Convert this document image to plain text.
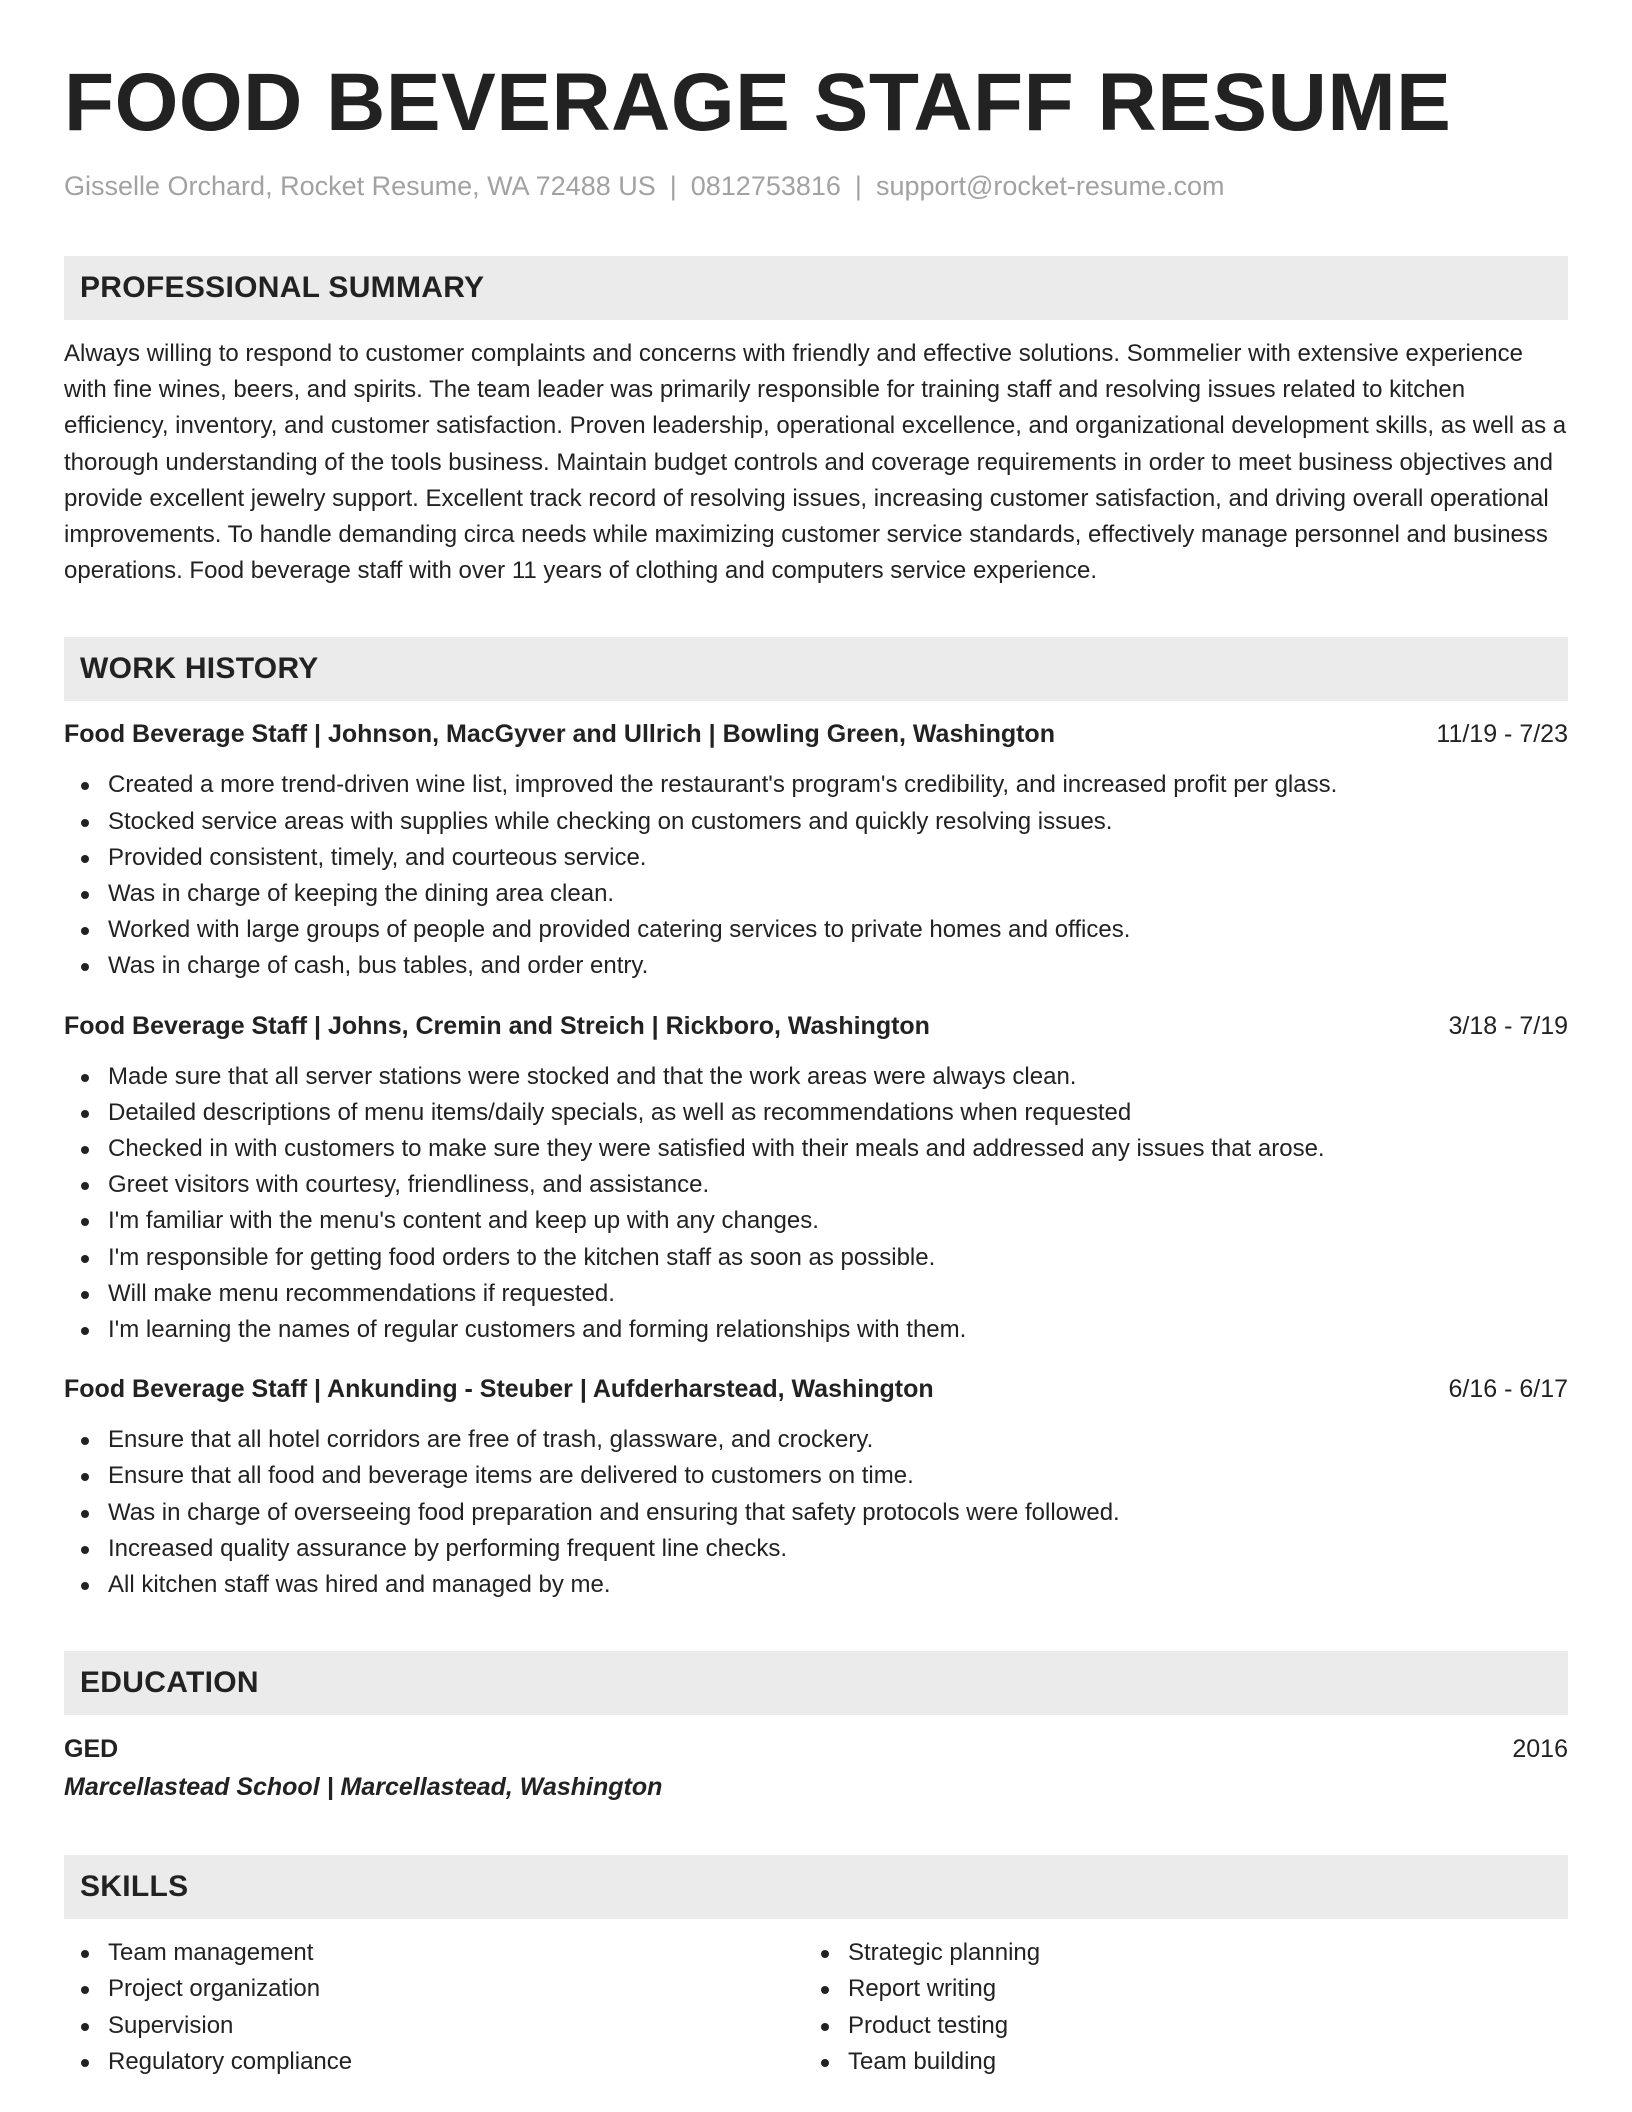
FOOD BEVERAGE STAFF RESUME
Gisselle Orchard, Rocket Resume, WA 72488 US | 0812753816 | support@rocket-resume.com
PROFESSIONAL SUMMARY
Always willing to respond to customer complaints and concerns with friendly and effective solutions. Sommelier with extensive experience with fine wines, beers, and spirits. The team leader was primarily responsible for training staff and resolving issues related to kitchen efficiency, inventory, and customer satisfaction. Proven leadership, operational excellence, and organizational development skills, as well as a thorough understanding of the tools business. Maintain budget controls and coverage requirements in order to meet business objectives and provide excellent jewelry support. Excellent track record of resolving issues, increasing customer satisfaction, and driving overall operational improvements. To handle demanding circa needs while maximizing customer service standards, effectively manage personnel and business operations. Food beverage staff with over 11 years of clothing and computers service experience.
WORK HISTORY
Food Beverage Staff | Johnson, MacGyver and Ullrich | Bowling Green, Washington	11/19 - 7/23
Created a more trend-driven wine list, improved the restaurant's program's credibility, and increased profit per glass.
Stocked service areas with supplies while checking on customers and quickly resolving issues.
Provided consistent, timely, and courteous service.
Was in charge of keeping the dining area clean.
Worked with large groups of people and provided catering services to private homes and offices.
Was in charge of cash, bus tables, and order entry.
Food Beverage Staff | Johns, Cremin and Streich | Rickboro, Washington	3/18 - 7/19
Made sure that all server stations were stocked and that the work areas were always clean.
Detailed descriptions of menu items/daily specials, as well as recommendations when requested
Checked in with customers to make sure they were satisfied with their meals and addressed any issues that arose.
Greet visitors with courtesy, friendliness, and assistance.
I'm familiar with the menu's content and keep up with any changes.
I'm responsible for getting food orders to the kitchen staff as soon as possible.
Will make menu recommendations if requested.
I'm learning the names of regular customers and forming relationships with them.
Food Beverage Staff | Ankunding - Steuber | Aufderharstead, Washington	6/16 - 6/17
Ensure that all hotel corridors are free of trash, glassware, and crockery.
Ensure that all food and beverage items are delivered to customers on time.
Was in charge of overseeing food preparation and ensuring that safety protocols were followed.
Increased quality assurance by performing frequent line checks.
All kitchen staff was hired and managed by me.
EDUCATION
GED	2016
Marcellastead School | Marcellastead, Washington
SKILLS
Team management
Project organization
Supervision
Regulatory compliance
Strategic planning
Report writing
Product testing
Team building
